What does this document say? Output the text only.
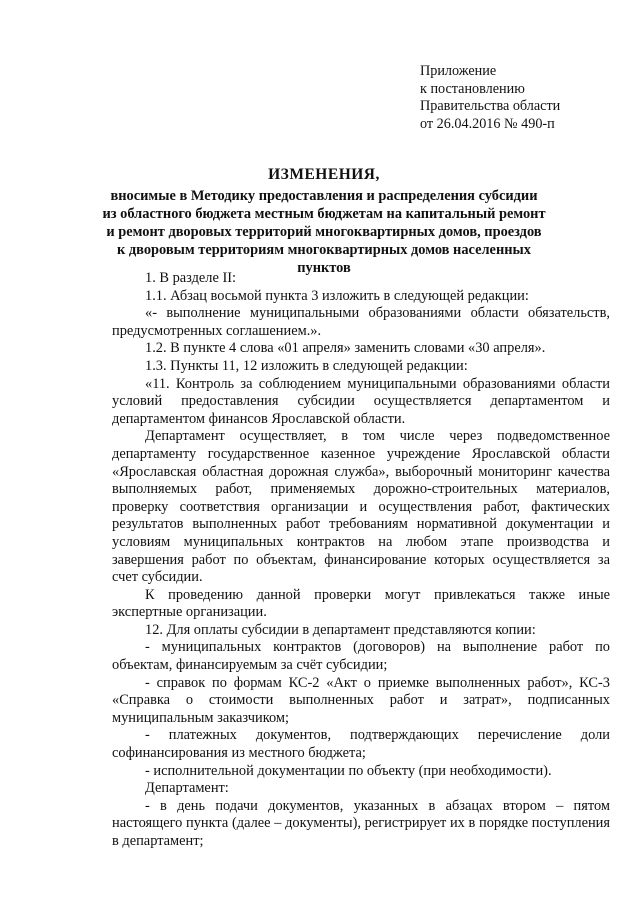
Приложение
к постановлению
Правительства области
от 26.04.2016 № 490-п
ИЗМЕНЕНИЯ,
вносимые в Методику предоставления и распределения субсидии
из областного бюджета местным бюджетам на капитальный ремонт
и ремонт дворовых территорий многоквартирных домов, проездов
к дворовым территориям многоквартирных домов населенных пунктов

1. В разделе II:

1.1. Абзац восьмой пункта 3 изложить в следующей редакции:

«- выполнение муниципальными образованиями области обязательств, предусмотренных соглашением.».

1.2. В пункте 4 слова «01 апреля» заменить словами «30 апреля».

1.3. Пункты 11, 12 изложить в следующей редакции:

«11. Контроль за соблюдением муниципальными образованиями области условий предоставления субсидии осуществляется департаментом и департаментом финансов Ярославской области.

Департамент осуществляет, в том числе через подведомственное департаменту государственное казенное учреждение Ярославской области «Ярославская областная дорожная служба», выборочный мониторинг качества выполняемых работ, применяемых дорожно-строительных материалов, проверку соответствия организации и осуществления работ, фактических результатов выполненных работ требованиям нормативной документации и условиям муниципальных контрактов на любом этапе производства и завершения работ по объектам, финансирование которых осуществляется за счет субсидии.

К проведению данной проверки могут привлекаться также иные экспертные организации.

12. Для оплаты субсидии в департамент представляются копии:

- муниципальных контрактов (договоров) на выполнение работ по объектам, финансируемым за счёт субсидии;

- справок по формам КС-2 «Акт о приемке выполненных работ», КС-3 «Справка о стоимости выполненных работ и затрат», подписанных муниципальным заказчиком;

- платежных документов, подтверждающих перечисление доли софинансирования из местного бюджета;

- исполнительной документации по объекту (при необходимости).

Департамент:

- в день подачи документов, указанных в абзацах втором – пятом настоящего пункта (далее – документы), регистрирует их в порядке поступления в департамент;
